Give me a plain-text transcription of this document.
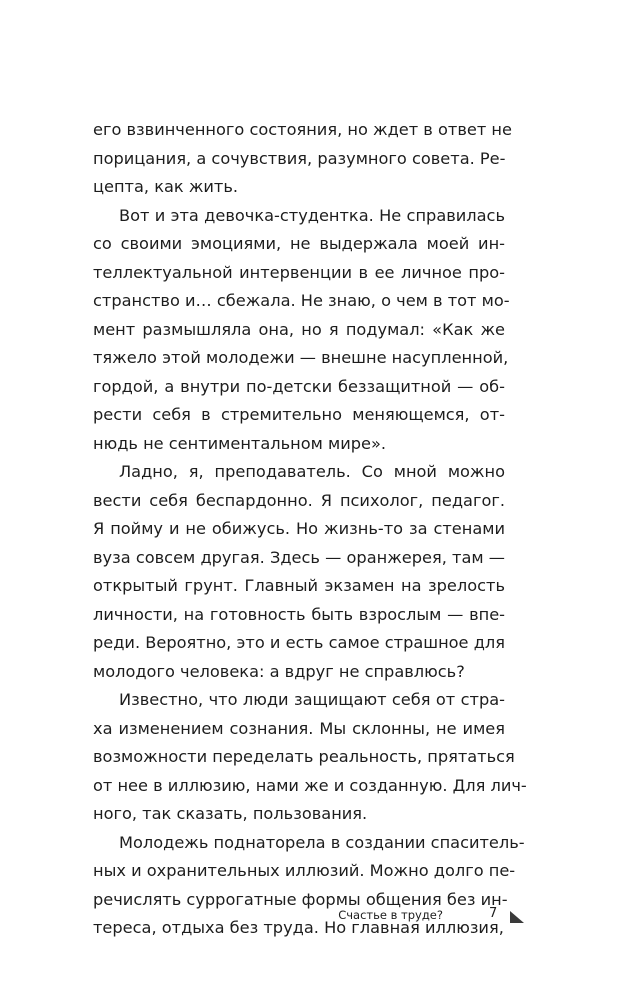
его взвинченного состояния, но ждет в ответ не
порицания, а сочувствия, разумного совета. Ре-
цепта, как жить.
Вот и эта девочка-студентка. Не справилась
со своими эмоциями, не выдержала моей ин-
теллектуальной интервенции в ее личное про-
странство и… сбежала. Не знаю, о чем в тот мо-
мент размышляла она, но я подумал: «Как же
тяжело этой молодежи — внешне насупленной,
гордой, а внутри по-детски беззащитной — об-
рести себя в стремительно меняющемся, от-
нюдь не сентиментальном мире».
Ладно, я, преподаватель. Со мной можно
вести себя беспардонно. Я психолог, педагог.
Я пойму и не обижусь. Но жизнь-то за стенами
вуза совсем другая. Здесь — оранжерея, там —
открытый грунт. Главный экзамен на зрелость
личности, на готовность быть взрослым — впе-
реди. Вероятно, это и есть самое страшное для
молодого человека: а вдруг не справлюсь?
Известно, что люди защищают себя от стра-
ха изменением сознания. Мы склонны, не имея
возможности переделать реальность, прятаться
от нее в иллюзию, нами же и созданную. Для лич-
ного, так сказать, пользования.
Молодежь поднаторела в создании спаситель-
ных и охранительных иллюзий. Можно долго пе-
речислять суррогатные формы общения без ин-
тереса, отдыха без труда. Но главная иллюзия,
Счастье в труде?	7
